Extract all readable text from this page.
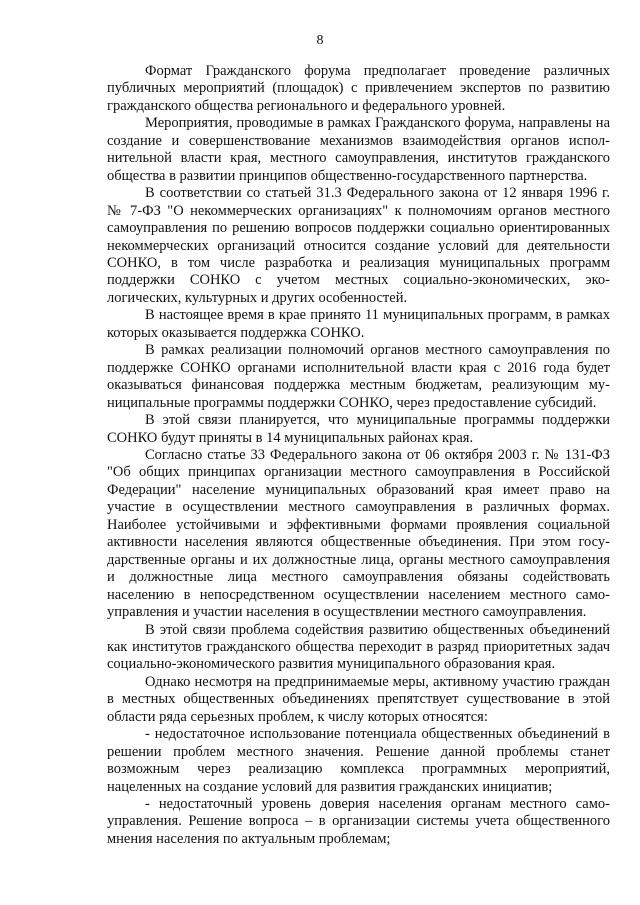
8

Формат Гражданского форума предполагает проведение различных публичных мероприятий (площадок) с привлечением экспертов по развитию гражданского общества регионального и федерального уровней.

Мероприятия, проводимые в рамках Гражданского форума, направлены на создание и совершенствование механизмов взаимодействия органов исполнительной власти края, местного самоуправления, институтов гражданского общества в развитии принципов общественно-государственного партнерства.

В соответствии со статьей 31.3 Федерального закона от 12 января 1996 г. № 7-ФЗ "О некоммерческих организациях" к полномочиям органов местного самоуправления по решению вопросов поддержки социально ориентированных некоммерческих организаций относится создание условий для деятельности СОНКО, в том числе разработка и реализация муниципальных программ поддержки СОНКО с учетом местных социально-экономических, экологических, культурных и других особенностей.

В настоящее время в крае принято 11 муниципальных программ, в рамках которых оказывается поддержка СОНКО.

В рамках реализации полномочий органов местного самоуправления по поддержке СОНКО органами исполнительной власти края с 2016 года будет оказываться финансовая поддержка местным бюджетам, реализующим муниципальные программы поддержки СОНКО, через предоставление субсидий.

В этой связи планируется, что муниципальные программы поддержки СОНКО будут приняты в 14 муниципальных районах края.

Согласно статье 33 Федерального закона от 06 октября 2003 г. № 131-ФЗ "Об общих принципах организации местного самоуправления в Российской Федерации" население муниципальных образований края имеет право на участие в осуществлении местного самоуправления в различных формах. Наиболее устойчивыми и эффективными формами проявления социальной активности населения являются общественные объединения. При этом государственные органы и их должностные лица, органы местного самоуправления и должностные лица местного самоуправления обязаны содействовать населению в непосредственном осуществлении населением местного самоуправления и участии населения в осуществлении местного самоуправления.

В этой связи проблема содействия развитию общественных объединений как институтов гражданского общества переходит в разряд приоритетных задач социально-экономического развития муниципального образования края.

Однако несмотря на предпринимаемые меры, активному участию граждан в местных общественных объединениях препятствует существование в этой области ряда серьезных проблем, к числу которых относятся:

- недостаточное использование потенциала общественных объединений в решении проблем местного значения. Решение данной проблемы станет возможным через реализацию комплекса программных мероприятий, нацеленных на создание условий для развития гражданских инициатив;

- недостаточный уровень доверия населения органам местного самоуправления. Решение вопроса – в организации системы учета общественного мнения населения по актуальным проблемам;
